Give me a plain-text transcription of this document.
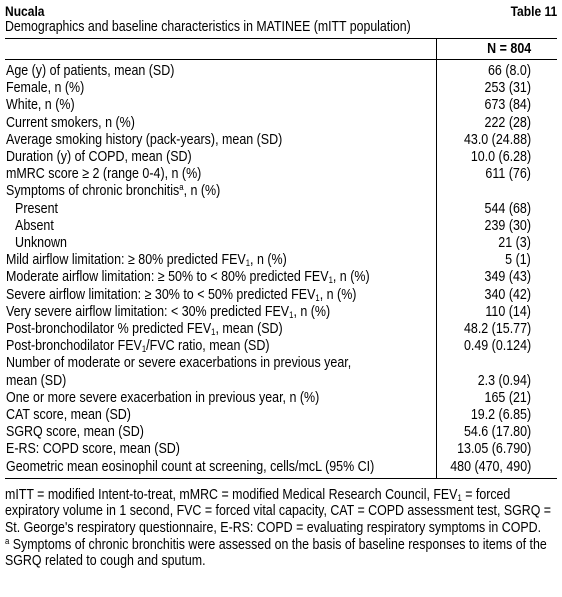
Nucala	Table 11
Demographics and baseline characteristics in MATINEE (mITT population)
	N = 804
Age (y) of patients, mean (SD)	66 (8.0)
Female, n (%)	253 (31)
White, n (%)	673 (84)
Current smokers, n (%)	222 (28)
Average smoking history (pack-years), mean (SD)	43.0 (24.88)
Duration (y) of COPD, mean (SD)	10.0 (6.28)
mMRC score ≥ 2 (range 0-4), n (%)	611 (76)
Symptoms of chronic bronchitis$^a$, n (%)	
Present	544 (68)
Absent	239 (30)
Unknown	21 (3)
Mild airflow limitation: ≥ 80% predicted $FEV_1$, n (%)	5 (1)
Moderate airflow limitation: ≥ 50% to < 80% predicted $FEV_1$, n (%)	349 (43)
Severe airflow limitation: ≥ 30% to < 50% predicted $FEV_1$, n (%)	340 (42)
Very severe airflow limitation: < 30% predicted $FEV_1$, n (%)	110 (14)
Post-bronchodilator % predicted $FEV_1$, mean (SD)	48.2 (15.77)
Post-bronchodilator $FEV_1$/FVC ratio, mean (SD)	0.49 (0.124)
Number of moderate or severe exacerbations in previous year,
mean (SD)	2.3 (0.94)
One or more severe exacerbation in previous year, n (%)	165 (21)
CAT score, mean (SD)	19.2 (6.85)
SGRQ score, mean (SD)	54.6 (17.80)
E-RS: COPD score, mean (SD)	13.05 (6.790)
Geometric mean eosinophil count at screening, cells/mcL (95% CI)	480 (470, 490)

mITT = modified Intent-to-treat, mMRC = modified Medical Research Council, $FEV_1$ = forced expiratory volume in 1 second, FVC = forced vital capacity, CAT = COPD assessment test, SGRQ = St. George's respiratory questionnaire, E-RS: COPD = evaluating respiratory symptoms in COPD.

$^a$ Symptoms of chronic bronchitis were assessed on the basis of baseline responses to items of the SGRQ related to cough and sputum.
